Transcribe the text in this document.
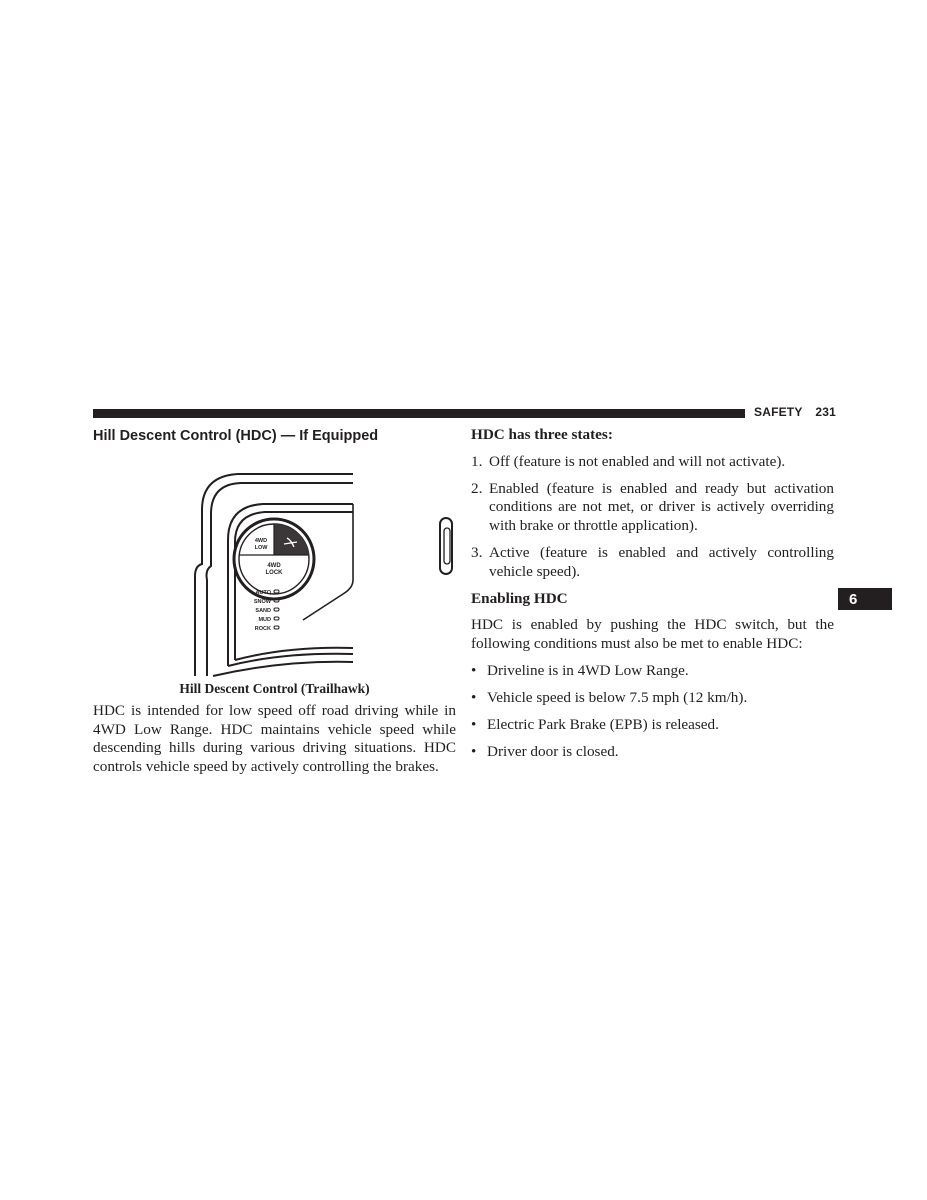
SAFETY 231
6
Hill Descent Control (HDC) — If Equipped
4WD
LOW
4WD
LOCK
AUTO
SNOW
SAND
MUD
ROCK
Hill Descent Control (Trailhawk)

HDC is intended for low speed off road driving while in 4WD Low Range. HDC maintains vehicle speed while descending hills during various driving situations. HDC controls vehicle speed by actively controlling the brakes.

HDC has three states:

1. Off (feature is not enabled and will not activate).
2. Enabled (feature is enabled and ready but activation conditions are not met, or driver is actively overriding with brake or throttle application).
3. Active (feature is enabled and actively controlling vehicle speed).

Enabling HDC

HDC is enabled by pushing the HDC switch, but the following conditions must also be met to enable HDC:

• Driveline is in 4WD Low Range.
• Vehicle speed is below 7.5 mph (12 km/h).
• Electric Park Brake (EPB) is released.
• Driver door is closed.
